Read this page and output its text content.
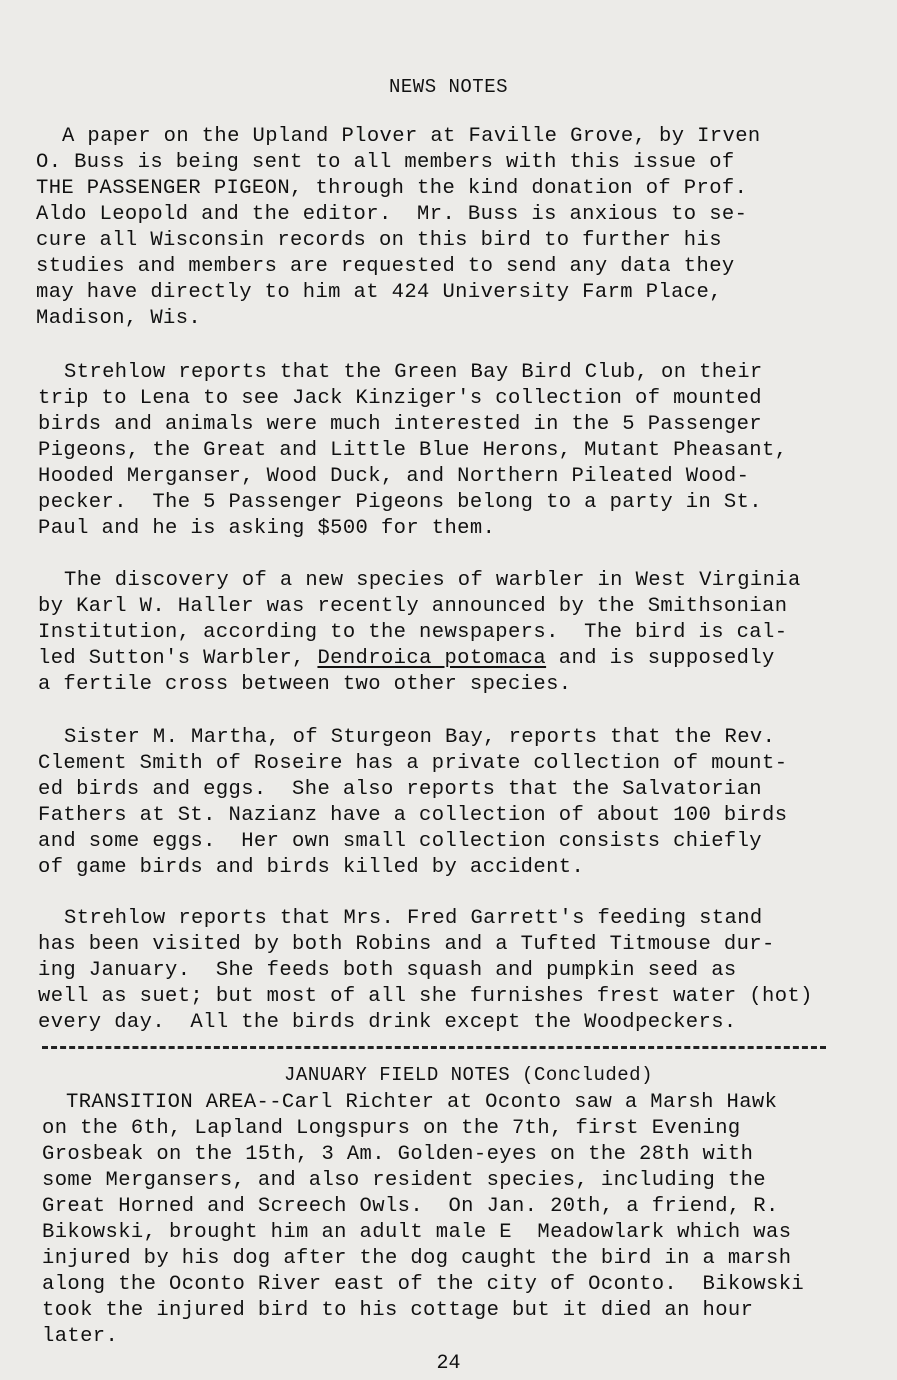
NEWS NOTES
A paper on the Upland Plover at Faville Grove, by Irven
O. Buss is being sent to all members with this issue of
THE PASSENGER PIGEON, through the kind donation of Prof.
Aldo Leopold and the editor.  Mr. Buss is anxious to se-
cure all Wisconsin records on this bird to further his
studies and members are requested to send any data they
may have directly to him at 424 University Farm Place,
Madison, Wis.
Strehlow reports that the Green Bay Bird Club, on their
trip to Lena to see Jack Kinziger's collection of mounted
birds and animals were much interested in the 5 Passenger
Pigeons, the Great and Little Blue Herons, Mutant Pheasant,
Hooded Merganser, Wood Duck, and Northern Pileated Wood-
pecker.  The 5 Passenger Pigeons belong to a party in St.
Paul and he is asking $500 for them.
The discovery of a new species of warbler in West Virginia
by Karl W. Haller was recently announced by the Smithsonian
Institution, according to the newspapers.  The bird is cal-
led Sutton's Warbler, Dendroica potomaca and is supposedly
a fertile cross between two other species.
Sister M. Martha, of Sturgeon Bay, reports that the Rev.
Clement Smith of Roseire has a private collection of mount-
ed birds and eggs.  She also reports that the Salvatorian
Fathers at St. Nazianz have a collection of about 100 birds
and some eggs.  Her own small collection consists chiefly
of game birds and birds killed by accident.
Strehlow reports that Mrs. Fred Garrett's feeding stand
has been visited by both Robins and a Tufted Titmouse dur-
ing January.  She feeds both squash and pumpkin seed as
well as suet; but most of all she furnishes frest water (hot)
every day.  All the birds drink except the Woodpeckers.
JANUARY FIELD NOTES (Concluded)
TRANSITION AREA--Carl Richter at Oconto saw a Marsh Hawk
on the 6th, Lapland Longspurs on the 7th, first Evening
Grosbeak on the 15th, 3 Am. Golden-eyes on the 28th with
some Mergansers, and also resident species, including the
Great Horned and Screech Owls.  On Jan. 20th, a friend, R.
Bikowski, brought him an adult male E  Meadowlark which was
injured by his dog after the dog caught the bird in a marsh
along the Oconto River east of the city of Oconto.  Bikowski
took the injured bird to his cottage but it died an hour
later.
24
